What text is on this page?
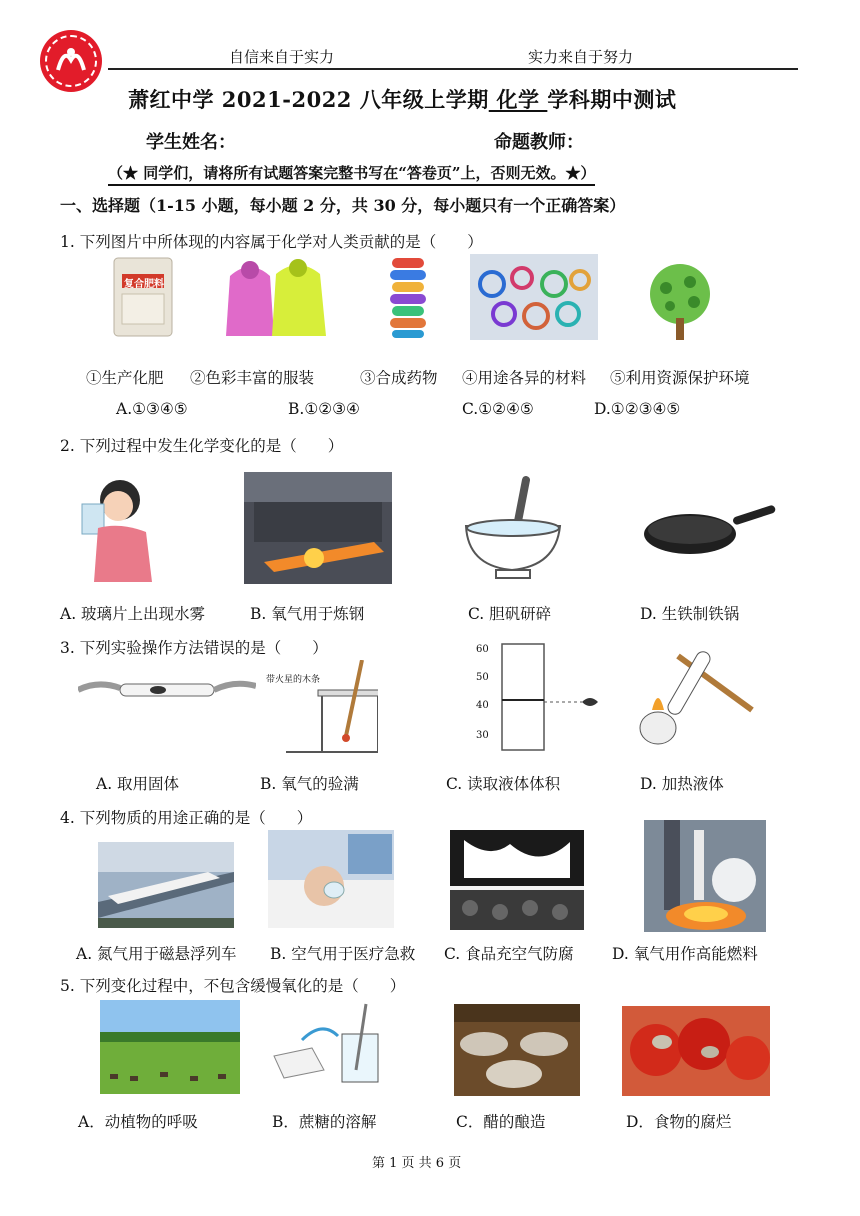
自信来自于实力	实力来自于努力
萧红中学 2021-2022 八年级上学期 化学 学科期中测试
学生姓名：	命题教师：
（★ 同学们，请将所有试题答案完整书写在“答卷页”上，否则无效。★）
一、选择题（1-15 小题，每小题 2 分，共 30 分，每小题只有一个正确答案）
1. 下列图片中所体现的内容属于化学对人类贡献的是（　　）
复合肥料
①生产化肥 ②色彩丰富的服装	③合成药物 ④用途各异的材料 ⑤利用资源保护环境
A.①③④⑤	B.①②③④	C.①②④⑤	D.①②③④⑤
2. 下列过程中发生化学变化的是（　　）
A. 玻璃片上出现水雾	B. 氧气用于炼钢	C. 胆矾研碎	D. 生铁制铁锅
3. 下列实验操作方法错误的是（　　）
带火星的木条
60
50
40
30
A. 取用固体	B. 氧气的验满	C. 读取液体体积	D. 加热液体
4. 下列物质的用途正确的是（　　）
A. 氮气用于磁悬浮列车 B. 空气用于医疗急救 C. 食品充空气防腐 D. 氧气用作高能燃料
5. 下列变化过程中，不包含缓慢氧化的是（　　）
A．动植物的呼吸	B．蔗糖的溶解	C．醋的酿造	D．食物的腐烂
第 1 页 共 6 页
